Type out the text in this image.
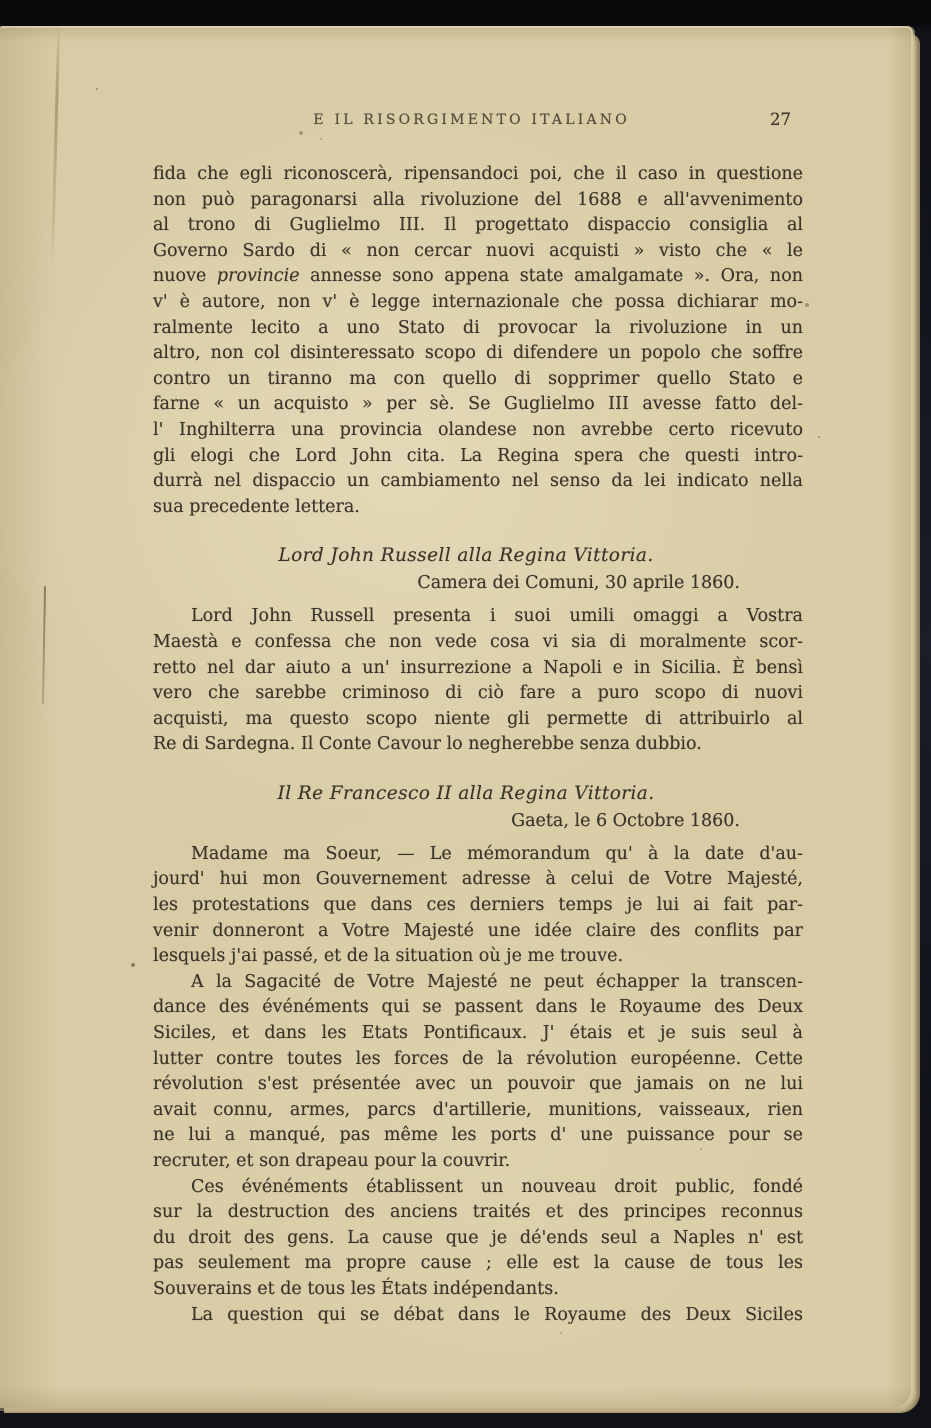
E IL RISORGIMENTO ITALIANO	27
fida che egli riconoscerà, ripensandoci poi, che il caso in questione
non può paragonarsi alla rivoluzione del 1688 e all'avvenimento
al trono di Guglielmo III. Il progettato dispaccio consiglia al
Governo Sardo di « non cercar nuovi acquisti » visto che « le
nuove provincie annesse sono appena state amalgamate ». Ora, non
v' è autore, non v' è legge internazionale che possa dichiarar mo-
ralmente lecito a uno Stato di provocar la rivoluzione in un
altro, non col disinteressato scopo di difendere un popolo che soffre
contro un tiranno ma con quello di sopprimer quello Stato e
farne « un acquisto » per sè. Se Guglielmo III avesse fatto del-
l' Inghilterra una provincia olandese non avrebbe certo ricevuto
gli elogi che Lord John cita. La Regina spera che questi intro-
durrà nel dispaccio un cambiamento nel senso da lei indicato nella
sua precedente lettera.
Lord John Russell alla Regina Vittoria.
Camera dei Comuni, 30 aprile 1860.
Lord John Russell presenta i suoi umili omaggi a Vostra
Maestà e confessa che non vede cosa vi sia di moralmente scor-
retto nel dar aiuto a un' insurrezione a Napoli e in Sicilia. È bensì
vero che sarebbe criminoso di ciò fare a puro scopo di nuovi
acquisti, ma questo scopo niente gli permette di attribuirlo al
Re di Sardegna. Il Conte Cavour lo negherebbe senza dubbio.
Il Re Francesco II alla Regina Vittoria.
Gaeta, le 6 Octobre 1860.
Madame ma Soeur, — Le mémorandum qu' à la date d'au-
jourd' hui mon Gouvernement adresse à celui de Votre Majesté,
les protestations que dans ces derniers temps je lui ai fait par-
venir donneront a Votre Majesté une idée claire des conflits par
lesquels j'ai passé, et de la situation où je me trouve.
A la Sagacité de Votre Majesté ne peut échapper la transcen-
dance des événéments qui se passent dans le Royaume des Deux
Siciles, et dans les Etats Pontificaux. J' étais et je suis seul à
lutter contre toutes les forces de la révolution européenne. Cette
révolution s'est présentée avec un pouvoir que jamais on ne lui
avait connu, armes, parcs d'artillerie, munitions, vaisseaux, rien
ne lui a manqué, pas même les ports d' une puissance pour se
recruter, et son drapeau pour la couvrir.
Ces événéments établissent un nouveau droit public, fondé
sur la destruction des anciens traités et des principes reconnus
du droit des gens. La cause que je dé'ends seul a Naples n' est
pas seulement ma propre cause ; elle est la cause de tous les
Souverains et de tous les États indépendants.
La question qui se débat dans le Royaume des Deux Siciles
